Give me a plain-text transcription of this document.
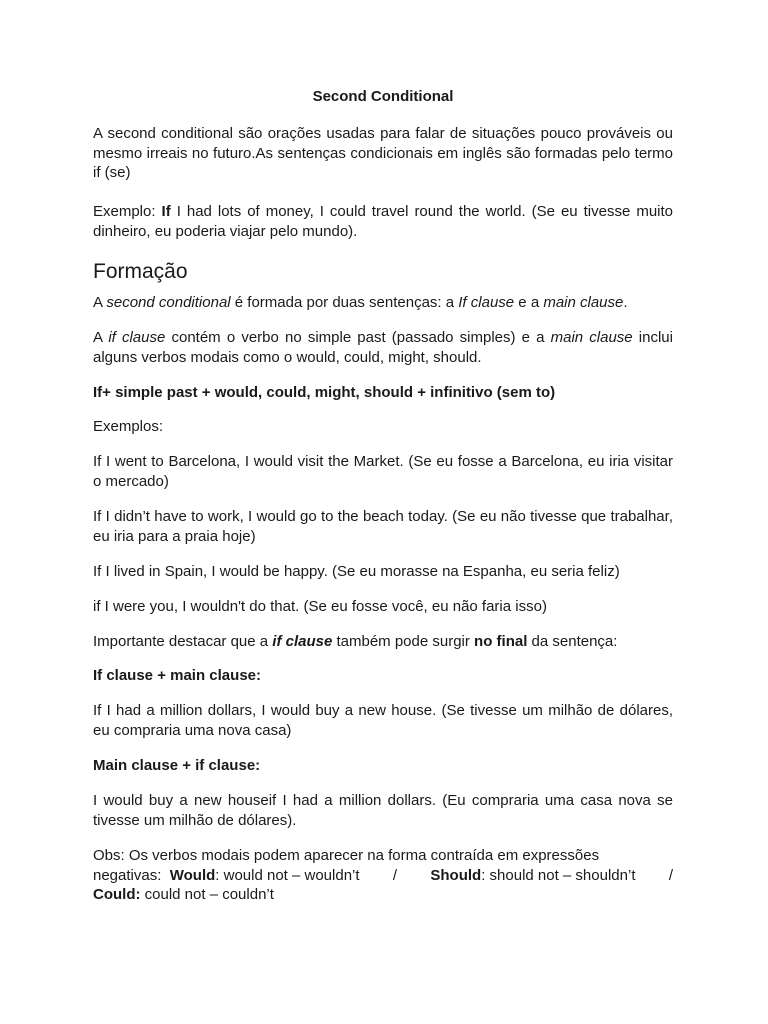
Second Conditional

A second conditional são orações usadas para falar de situações pouco prováveis ou mesmo irreais no futuro.As sentenças condicionais em inglês são formadas pelo termo if (se)

Exemplo: If I had lots of money, I could travel round the world. (Se eu tivesse muito dinheiro, eu poderia viajar pelo mundo).

Formação

A second conditional é formada por duas sentenças: a If clause e a main clause.

A if clause contém o verbo no simple past (passado simples) e a main clause inclui alguns verbos modais como o would, could, might, should.

If+ simple past + would, could, might, should + infinitivo (sem to)

Exemplos:

If I went to Barcelona, I would visit the Market. (Se eu fosse a Barcelona, eu iria visitar o mercado)

If I didn’t have to work, I would go to the beach today. (Se eu não tivesse que trabalhar, eu iria para a praia hoje)

If I lived in Spain, I would be happy. (Se eu morasse na Espanha, eu seria feliz)

if I were you, I wouldn't do that. (Se eu fosse você, eu não faria isso)

Importante destacar que a if clause também pode surgir no final da sentença:

If clause + main clause:

If I had a million dollars, I would buy a new house. (Se tivesse um milhão de dólares, eu compraria uma nova casa)

Main clause + if clause:

I would buy a new houseif I had a million dollars. (Eu compraria uma casa nova se tivesse um milhão de dólares).

Obs: Os verbos modais podem aparecer na forma contraída em expressões
negativas: Would: would not – wouldn’t / Should: should not – shouldn’t /
Could: could not – couldn’t
